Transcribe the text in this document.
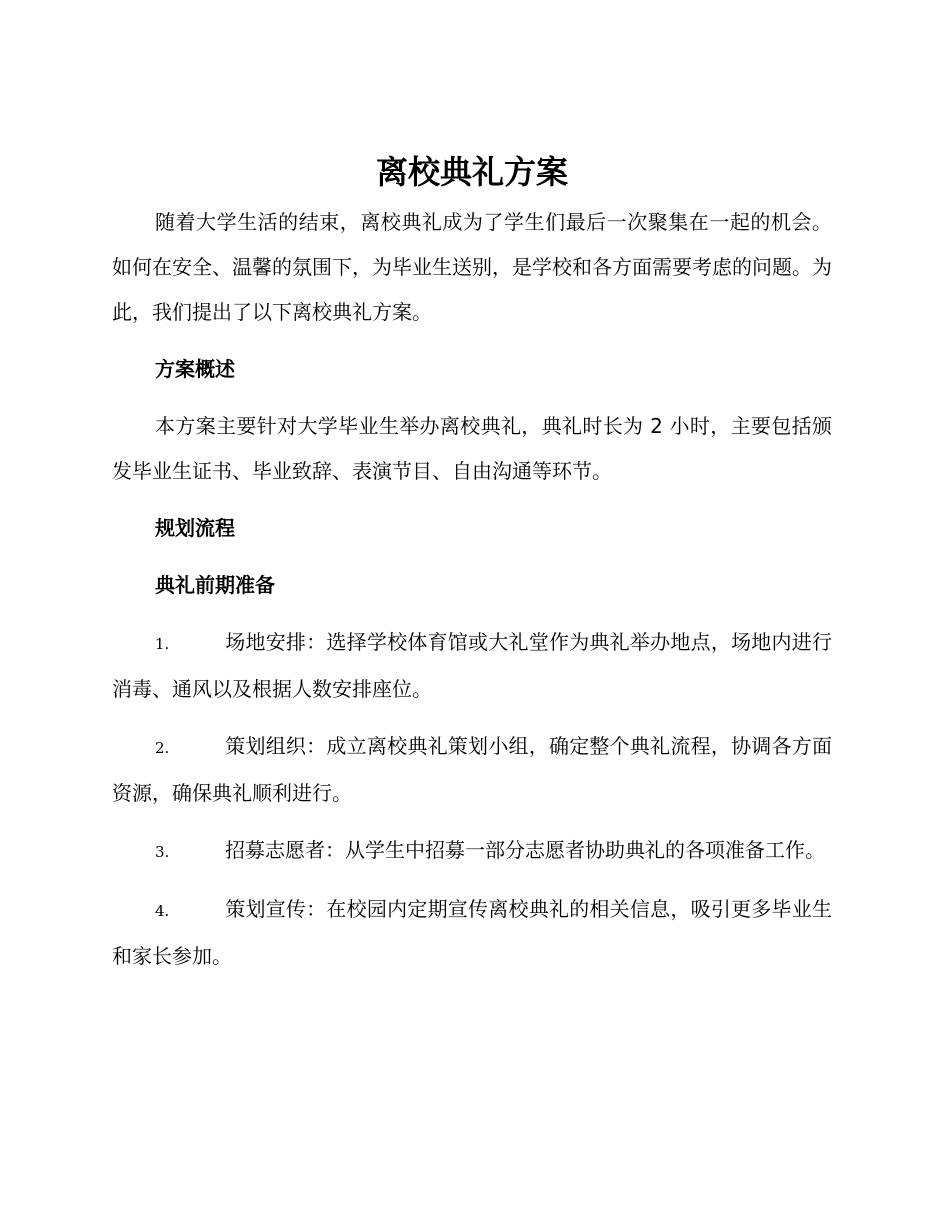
离校典礼方案

随着大学生活的结束，离校典礼成为了学生们最后一次聚集在一起的机会。如何在安全、温馨的氛围下，为毕业生送别，是学校和各方面需要考虑的问题。为此，我们提出了以下离校典礼方案。

方案概述

本方案主要针对大学毕业生举办离校典礼，典礼时长为 2 小时，主要包括颁发毕业生证书、毕业致辞、表演节目、自由沟通等环节。

规划流程
典礼前期准备
1.	场地安排：选择学校体育馆或大礼堂作为典礼举办地点，场地内进行消毒、通风以及根据人数安排座位。
2.	策划组织：成立离校典礼策划小组，确定整个典礼流程，协调各方面资源，确保典礼顺利进行。
3.	招募志愿者：从学生中招募一部分志愿者协助典礼的各项准备工作。
4.	策划宣传：在校园内定期宣传离校典礼的相关信息，吸引更多毕业生和家长参加。
